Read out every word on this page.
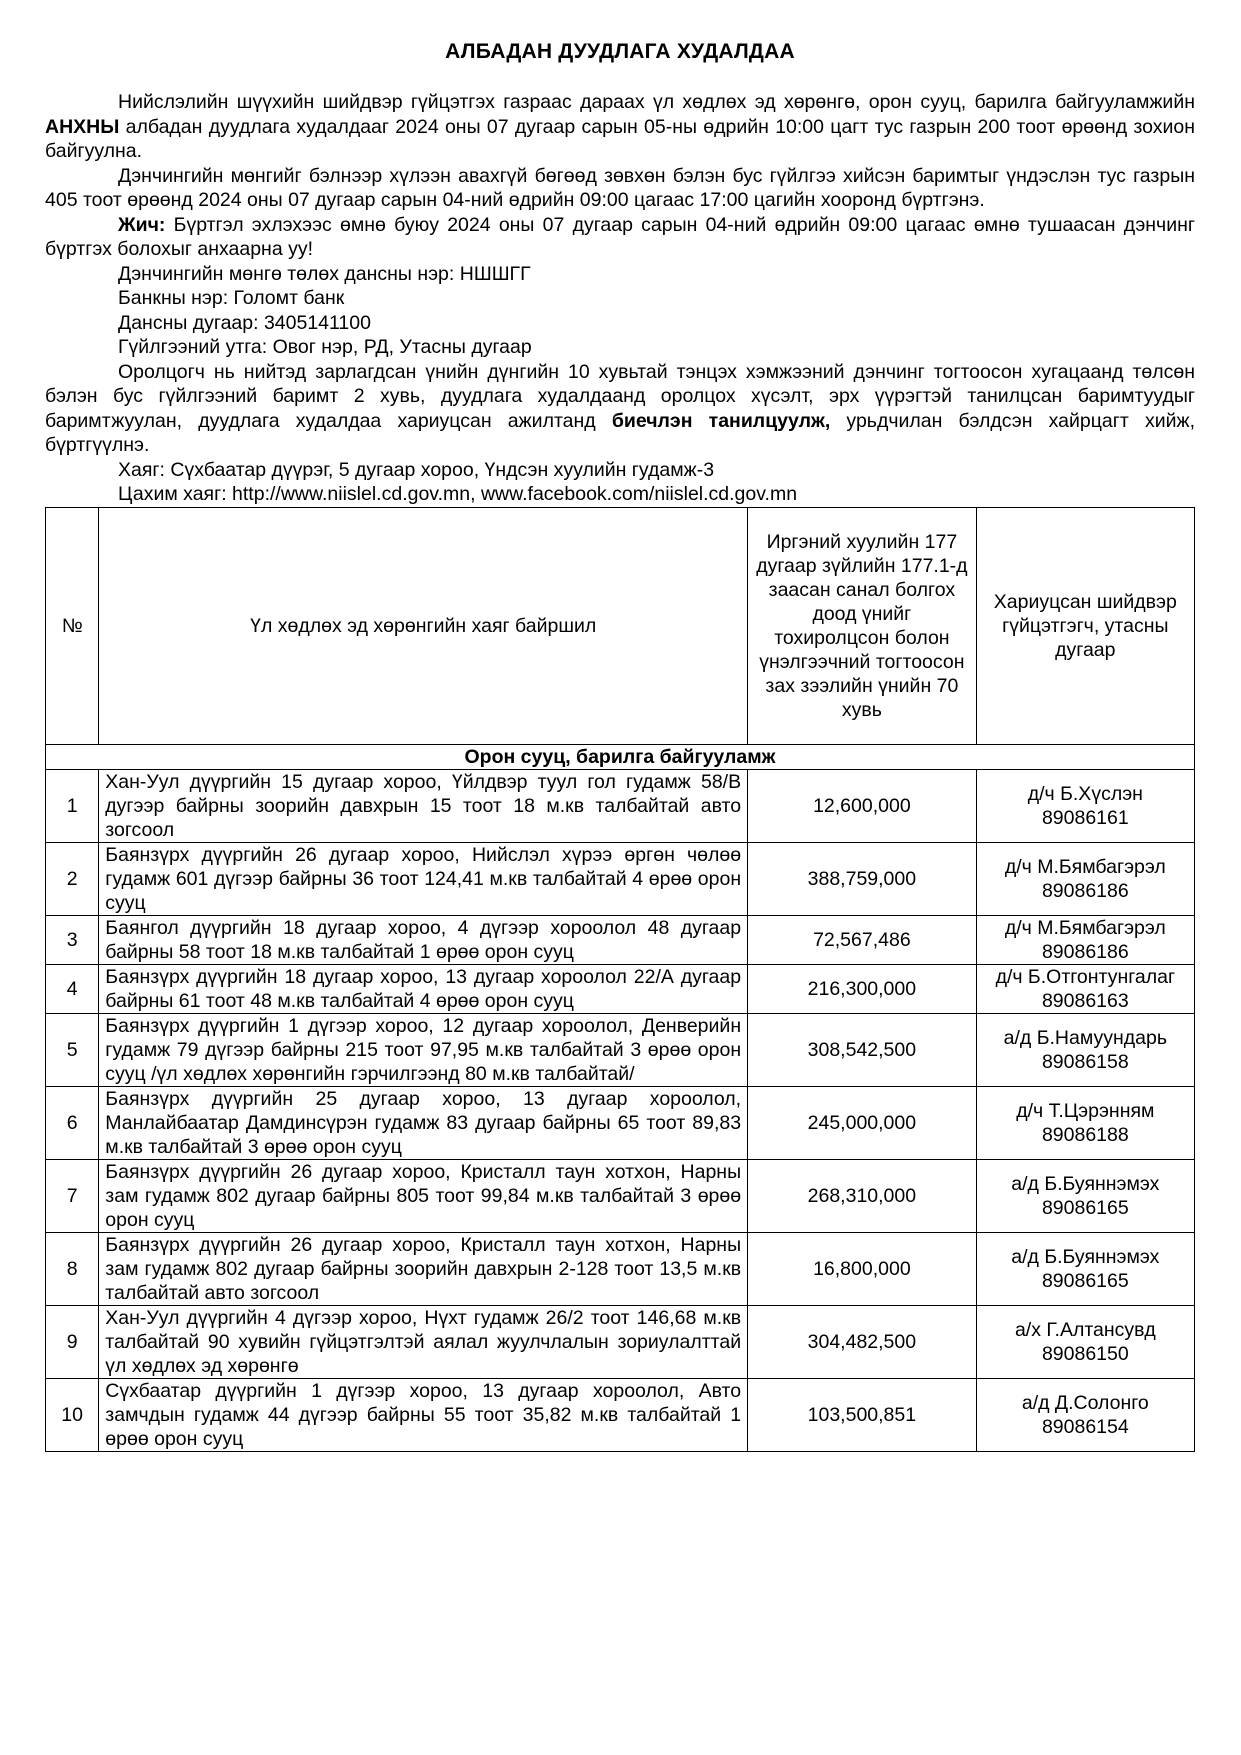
АЛБАДАН ДУУДЛАГА ХУДАЛДАА

Нийслэлийн шүүхийн шийдвэр гүйцэтгэх газраас дараах үл хөдлөх эд хөрөнгө, орон сууц, барилга байгууламжийн АНХНЫ албадан дуудлага худалдааг 2024 оны 07 дугаар сарын 05-ны өдрийн 10:00 цагт тус газрын 200 тоот өрөөнд зохион байгуулна.

Дэнчингийн мөнгийг бэлнээр хүлээн авахгүй бөгөөд зөвхөн бэлэн бус гүйлгээ хийсэн баримтыг үндэслэн тус газрын 405 тоот өрөөнд 2024 оны 07 дугаар сарын 04-ний өдрийн 09:00 цагаас 17:00 цагийн хооронд бүртгэнэ.

Жич: Бүртгэл эхлэхээс өмнө буюу 2024 оны 07 дугаар сарын 04-ний өдрийн 09:00 цагаас өмнө тушаасан дэнчинг бүртгэх болохыг анхаарна уу!

Дэнчингийн мөнгө төлөх дансны нэр: НШШГГ

Банкны нэр: Голомт банк

Дансны дугаар: 3405141100

Гүйлгээний утга: Овог нэр, РД, Утасны дугаар

Оролцогч нь нийтэд зарлагдсан үнийн дүнгийн 10 хувьтай тэнцэх хэмжээний дэнчинг тогтоосон хугацаанд төлсөн бэлэн бус гүйлгээний баримт 2 хувь, дуудлага худалдаанд оролцох хүсэлт, эрх үүрэгтэй танилцсан баримтуудыг баримтжуулан, дуудлага худалдаа хариуцсан ажилтанд биечлэн танилцуулж, урьдчилан бэлдсэн хайрцагт хийж, бүртгүүлнэ.

Хаяг: Сүхбаатар дүүрэг, 5 дугаар хороо, Үндсэн хуулийн гудамж-3

Цахим хаяг: http://www.niislel.cd.gov.mn, www.facebook.com/niislel.cd.gov.mn

№	Үл хөдлөх эд хөрөнгийн хаяг байршил	Иргэний хуулийн 177 дугаар зүйлийн 177.1-д заасан санал болгох доод үнийг тохиролцсон болон үнэлгээчний тогтоосон зах зээлийн үнийн 70 хувь	Хариуцсан шийдвэр гүйцэтгэгч, утасны дугаар
Орон сууц, барилга байгууламж			
1	Хан-Уул дүүргийн 15 дугаар хороо, Үйлдвэр туул гол гудамж 58/В дугээр байрны зоорийн давхрын 15 тоот 18 м.кв талбайтай авто зогсоол	12,600,000	д/ч Б.Хүслэн
89086161
2	Баянзүрх дүүргийн 26 дугаар хороо, Нийслэл хүрээ өргөн чөлөө гудамж 601 дүгээр байрны 36 тоот 124,41 м.кв талбайтай 4 өрөө орон сууц	388,759,000	д/ч М.Бямбагэрэл
89086186
3	Баянгол дүүргийн 18 дугаар хороо, 4 дүгээр хороолол 48 дугаар байрны 58 тоот 18 м.кв талбайтай 1 өрөө орон сууц	72,567,486	д/ч М.Бямбагэрэл
89086186
4	Баянзүрх дүүргийн 18 дугаар хороо, 13 дугаар хороолол 22/А дугаар байрны 61 тоот 48 м.кв талбайтай 4 өрөө орон сууц	216,300,000	д/ч Б.Отгонтунгалаг
89086163
5	Баянзүрх дүүргийн 1 дүгээр хороо, 12 дугаар хороолол, Денверийн гудамж 79 дүгээр байрны 215 тоот 97,95 м.кв талбайтай 3 өрөө орон сууц /үл хөдлөх хөрөнгийн гэрчилгээнд 80 м.кв талбайтай/	308,542,500	а/д Б.Намуундарь
89086158
6	Баянзүрх дүүргийн 25 дугаар хороо, 13 дугаар хороолол, Манлайбаатар Дамдинсүрэн гудамж 83 дугаар байрны 65 тоот 89,83 м.кв талбайтай 3 өрөө орон сууц	245,000,000	д/ч Т.Цэрэнням
89086188
7	Баянзүрх дүүргийн 26 дугаар хороо, Кристалл таун хотхон, Нарны зам гудамж 802 дугаар байрны 805 тоот 99,84 м.кв талбайтай 3 өрөө орон сууц	268,310,000	а/д Б.Буяннэмэх
89086165
8	Баянзүрх дүүргийн 26 дугаар хороо, Кристалл таун хотхон, Нарны зам гудамж 802 дугаар байрны зоорийн давхрын 2-128 тоот 13,5 м.кв талбайтай авто зогсоол	16,800,000	а/д Б.Буяннэмэх
89086165
9	Хан-Уул дүүргийн 4 дүгээр хороо, Нүхт гудамж 26/2 тоот 146,68 м.кв талбайтай 90 хувийн гүйцэтгэлтэй аялал жуулчлалын зориулалттай үл хөдлөх эд хөрөнгө	304,482,500	а/х Г.Алтансувд
89086150
10	Сүхбаатар дүүргийн 1 дүгээр хороо, 13 дугаар хороолол, Авто замчдын гудамж 44 дүгээр байрны 55 тоот 35,82 м.кв талбайтай 1 өрөө орон сууц	103,500,851	а/д Д.Солонго
89086154
